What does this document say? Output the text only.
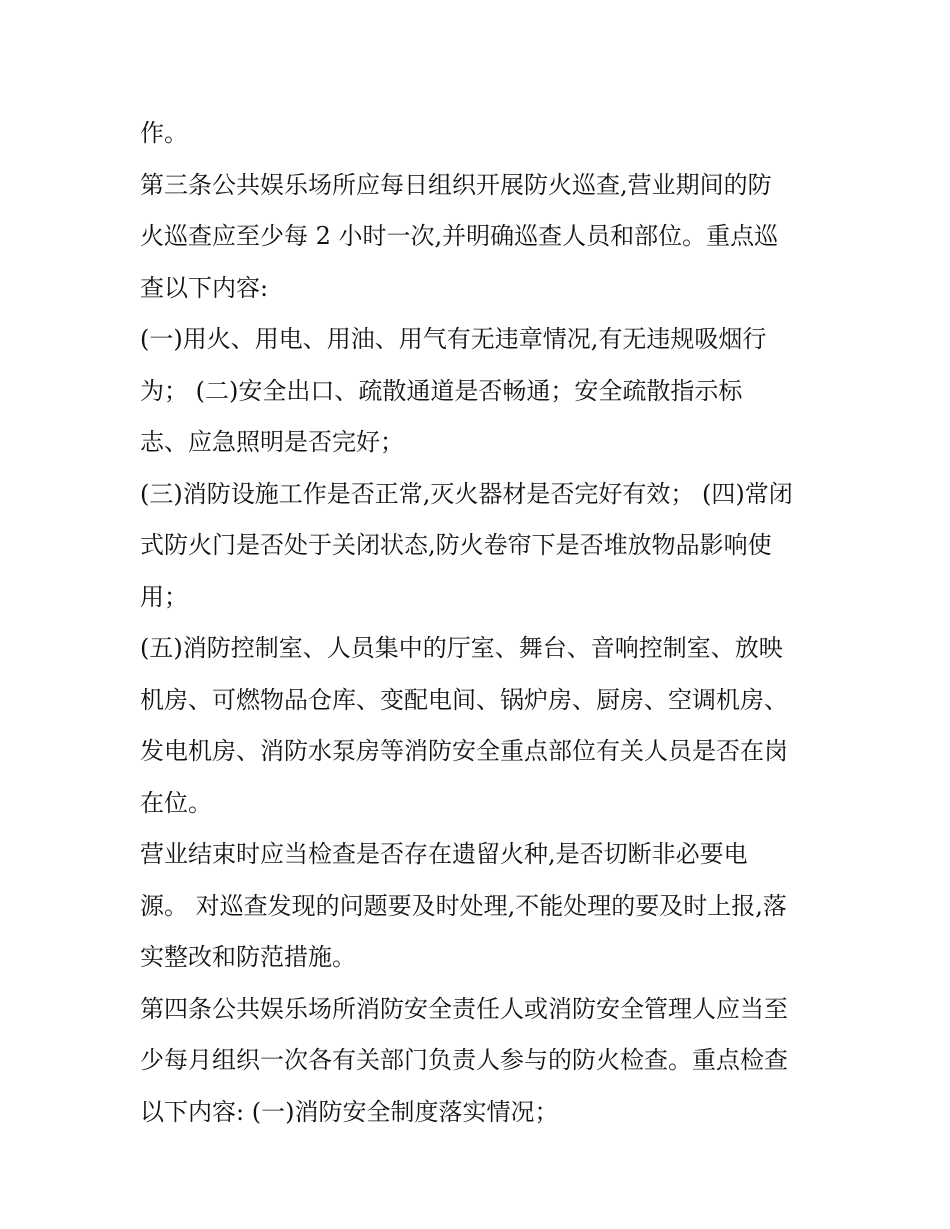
作。
第三条公共娱乐场所应每日组织开展防火巡查,营业期间的防
火巡查应至少每 2 小时一次,并明确巡查人员和部位。重点巡
查以下内容:
(一)用火、用电、用油、用气有无违章情况,有无违规吸烟行
为； (二)安全出口、疏散通道是否畅通；安全疏散指示标
志、应急照明是否完好；
(三)消防设施工作是否正常,灭火器材是否完好有效； (四)常闭
式防火门是否处于关闭状态,防火卷帘下是否堆放物品影响使
用；
(五)消防控制室、人员集中的厅室、舞台、音响控制室、放映
机房、可燃物品仓库、变配电间、锅炉房、厨房、空调机房、
发电机房、消防水泵房等消防安全重点部位有关人员是否在岗
在位。
营业结束时应当检查是否存在遗留火种,是否切断非必要电
源。 对巡查发现的问题要及时处理,不能处理的要及时上报,落
实整改和防范措施。
第四条公共娱乐场所消防安全责任人或消防安全管理人应当至
少每月组织一次各有关部门负责人参与的防火检查。重点检查
以下内容: (一)消防安全制度落实情况；
